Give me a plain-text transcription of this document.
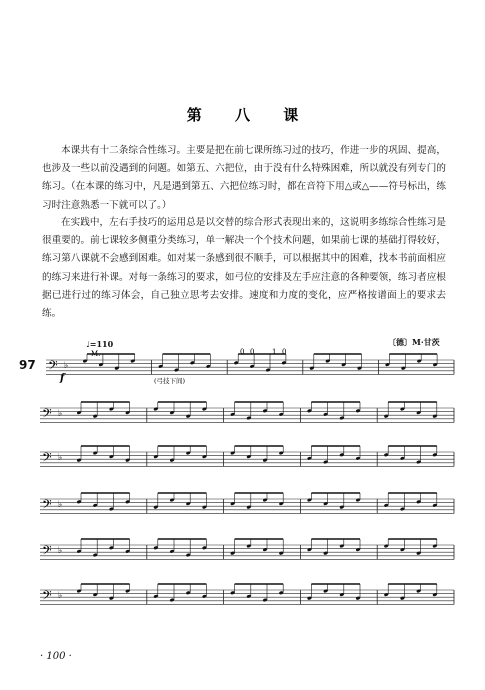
第 八 课

本课共有十二条综合性练习。主要是把在前七课所练习过的技巧，作进一步的巩固、提高，也涉及一些以前没遇到的问题。如第五、六把位，由于没有什么特殊困难，所以就没有列专门的练习。（在本课的练习中，凡是遇到第五、六把位练习时，都在音符下用△或△——符号标出，练习时注意熟悉一下就可以了。）

在实践中，左右手技巧的运用总是以交替的综合形式表现出来的，这说明多练综合性练习是很重要的。前七课较多侧重分类练习，单一解决一个个技术问题，如果前七课的基础打得较好，练习第八课就不会感到困难。如对某一条感到很不顺手，可以根据其中的困难，找本书前面相应的练习来进行补课。对每一条练习的要求，如弓位的安排及左手应注意的各种要领，练习者应根据已进行过的练习体会，自己独立思考去安排。速度和力度的变化，应严格按谱面上的要求去练。

♩=110	〔德〕M·甘茨
97 𝄢 ♭
𝄢 ♭
𝄢 ♭
𝄢 ♭
𝄢 ♭
𝄢 ♭
f
M.
(弓技下间)
0 0	1 0
· 100 ·
